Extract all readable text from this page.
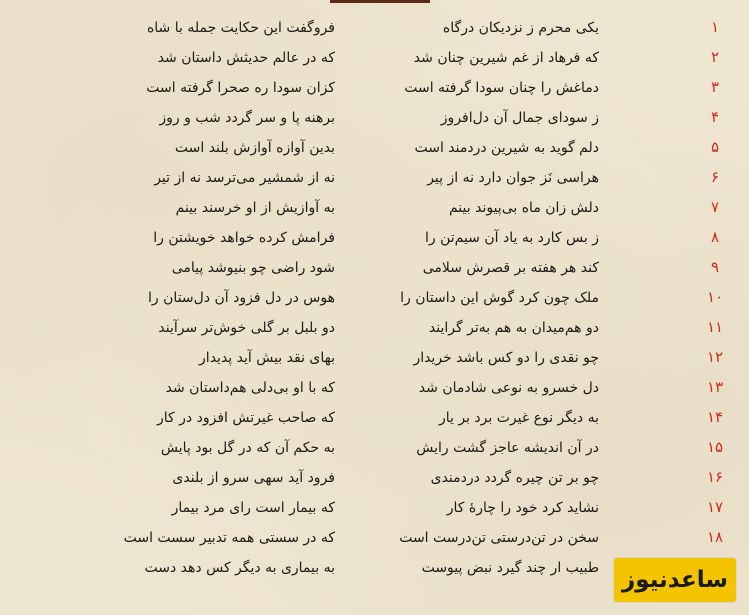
۱
یکی محرم ز نزدیکان درگاه
فروگفت این حکایت جمله با شاه
۲
که فرهاد از غم شیرین چنان شد
که در عالم حدیثش داستان شد
۳
دماغش را چنان سودا گرفته است
کزان سودا ره صحرا گرفته است
۴
ز سودای جمال آن دل‌افروز
برهنه پا و سر گردد شب و روز
۵
دلم گوید به شیرین دردمند است
بدین آوازه آوازش بلند است
۶
هراسی نَز جوان دارد نه از پیر
نه از شمشیر می‌ترسد نه از تیر
۷
دلش زان ماه بی‌پیوند بینم
به آوازیش از او خرسند بینم
۸
ز بس کارد به یاد آن سیم‌تن را
فرامش کرده خواهد خویشتن را
۹
کند هر هفته بر قصرش سلامی
شود راضی چو بنیوشد پیامی
۱۰
ملک چون کرد گوش این داستان را
هوس در دل فزود آن دل‌ستان را
۱۱
دو هم‌میدان به هم به‌تر گرایند
دو بلبل بر گلی خوش‌تر سرآیند
۱۲
چو نقدی را دو کس باشد خریدار
بهای نقد بیش آید پدیدار
۱۳
دل خسرو به نوعی شادمان شد
که با او بی‌دلی هم‌داستان شد
۱۴
به دیگر نوع غیرت برد بر یار
که صاحب غیرتش افزود در کار
۱۵
در آن اندیشه عاجز گشت رایش
به حکم آن که در گل بود پایش
۱۶
چو بر تن چیره گردد دردمندی
فرود آید سهی سرو از بلندی
۱۷
نشاید کرد خود را چارهٔ کار
که بیمار است رای مرد بیمار
۱۸
سخن در تن‌درستی تن‌درست است
که در سستی همه تدبیر سست است
طبیب ار چند گیرد نبض پیوست
به بیماری به دیگر کس دهد دست	ساعدنیوز
